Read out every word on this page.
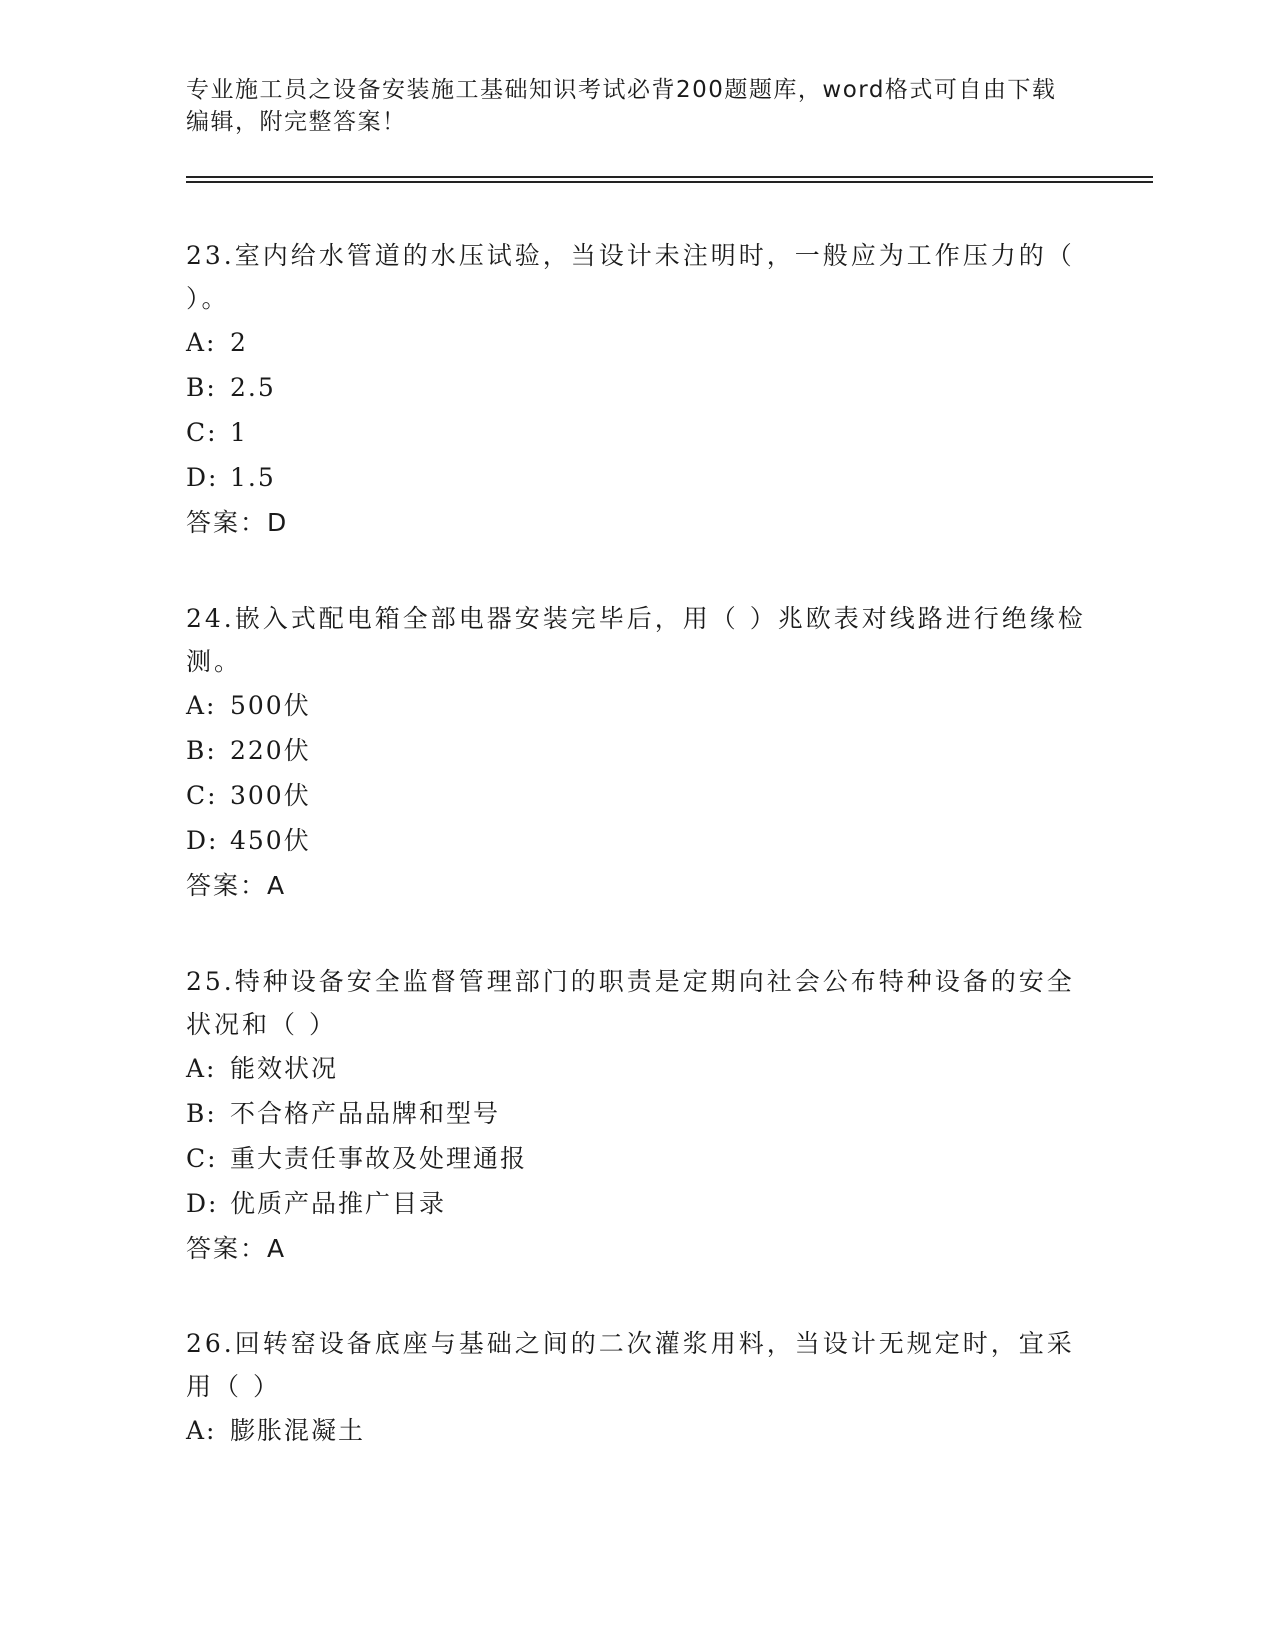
专业施工员之设备安装施工基础知识考试必背200题题库，word格式可自由下载编辑，附完整答案！

23.室内给水管道的水压试验，当设计未注明时，一般应为工作压力的（ ）。

A: 2

B: 2.5

C: 1

D: 1.5

答案：D

24.嵌入式配电箱全部电器安装完毕后，用（ ）兆欧表对线路进行绝缘检测。

A: 500伏

B: 220伏

C: 300伏

D: 450伏

答案：A

25.特种设备安全监督管理部门的职责是定期向社会公布特种设备的安全状况和（ ）

A: 能效状况

B: 不合格产品品牌和型号

C: 重大责任事故及处理通报

D: 优质产品推广目录

答案：A

26.回转窑设备底座与基础之间的二次灌浆用料，当设计无规定时，宜采用（ ）

A: 膨胀混凝土
